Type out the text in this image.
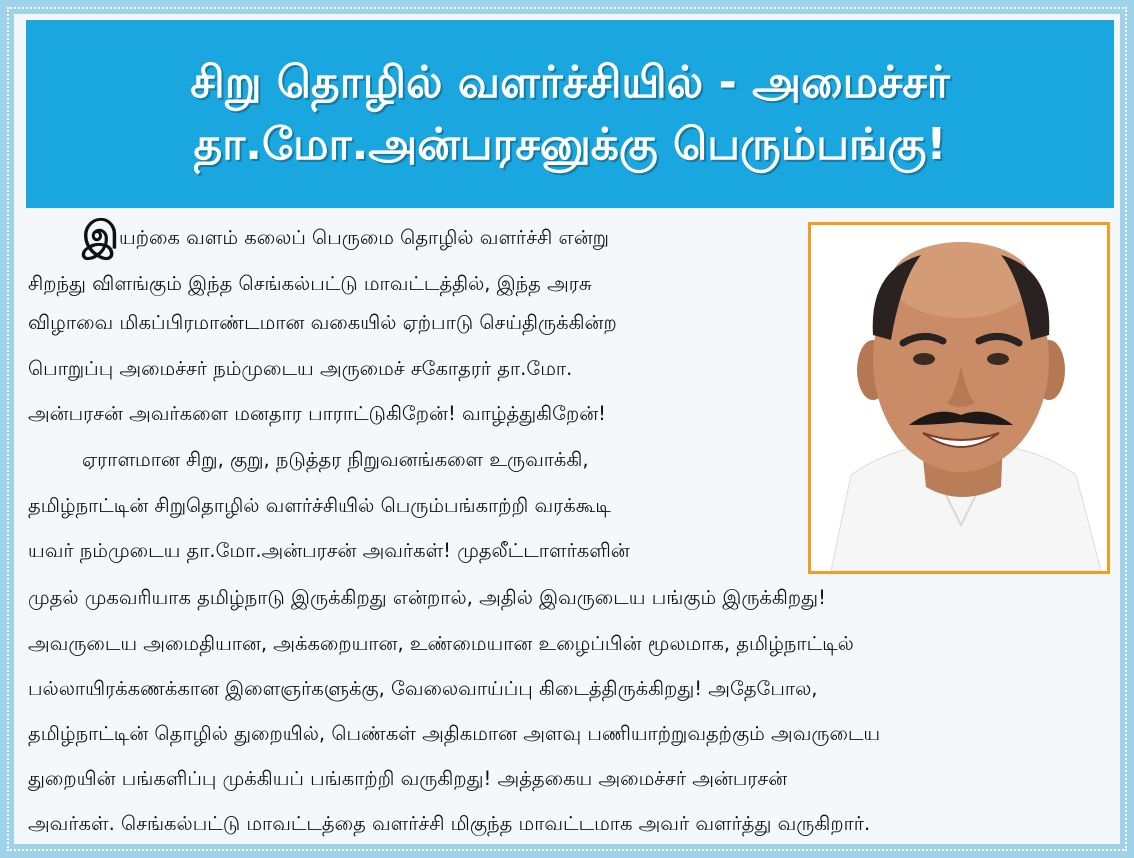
சிறு தொழில் வளர்ச்சியில் - அமைச்சர்
தா.மோ.அன்பரசனுக்கு பெரும்பங்கு!
இயற்கை வளம் கலைப் பெருமை தொழில் வளர்ச்சி என்று
சிறந்து விளங்கும் இந்த செங்கல்பட்டு மாவட்டத்தில், இந்த அரசு
விழாவை மிகப்பிரமாண்டமான வகையில் ஏற்பாடு செய்திருக்கின்ற
பொறுப்பு அமைச்சர் நம்முடைய அருமைச் சகோதரர் தா.மோ.
அன்பரசன் அவர்களை மனதார பாராட்டுகிறேன்! வாழ்த்துகிறேன்!
ஏராளமான சிறு, குறு, நடுத்தர நிறுவனங்களை உருவாக்கி,
தமிழ்நாட்டின் சிறுதொழில் வளர்ச்சியில் பெரும்பங்காற்றி வரக்கூடி
யவர் நம்முடைய தா.மோ.அன்பரசன் அவர்கள்! முதலீட்டாளர்களின்
முதல் முகவரியாக தமிழ்நாடு இருக்கிறது என்றால், அதில் இவருடைய பங்கும் இருக்கிறது!
அவருடைய அமைதியான, அக்கறையான, உண்மையான உழைப்பின் மூலமாக, தமிழ்நாட்டில்
பல்லாயிரக்கணக்கான இளைஞர்களுக்கு, வேலைவாய்ப்பு கிடைத்திருக்கிறது! அதேபோல,
தமிழ்நாட்டின் தொழில் துறையில், பெண்கள் அதிகமான அளவு பணியாற்றுவதற்கும் அவருடைய
துறையின் பங்களிப்பு முக்கியப் பங்காற்றி வருகிறது! அத்தகைய அமைச்சர் அன்பரசன்
அவர்கள். செங்கல்பட்டு மாவட்டத்தை வளர்ச்சி மிகுந்த மாவட்டமாக அவர் வளர்த்து வருகிறார்.
